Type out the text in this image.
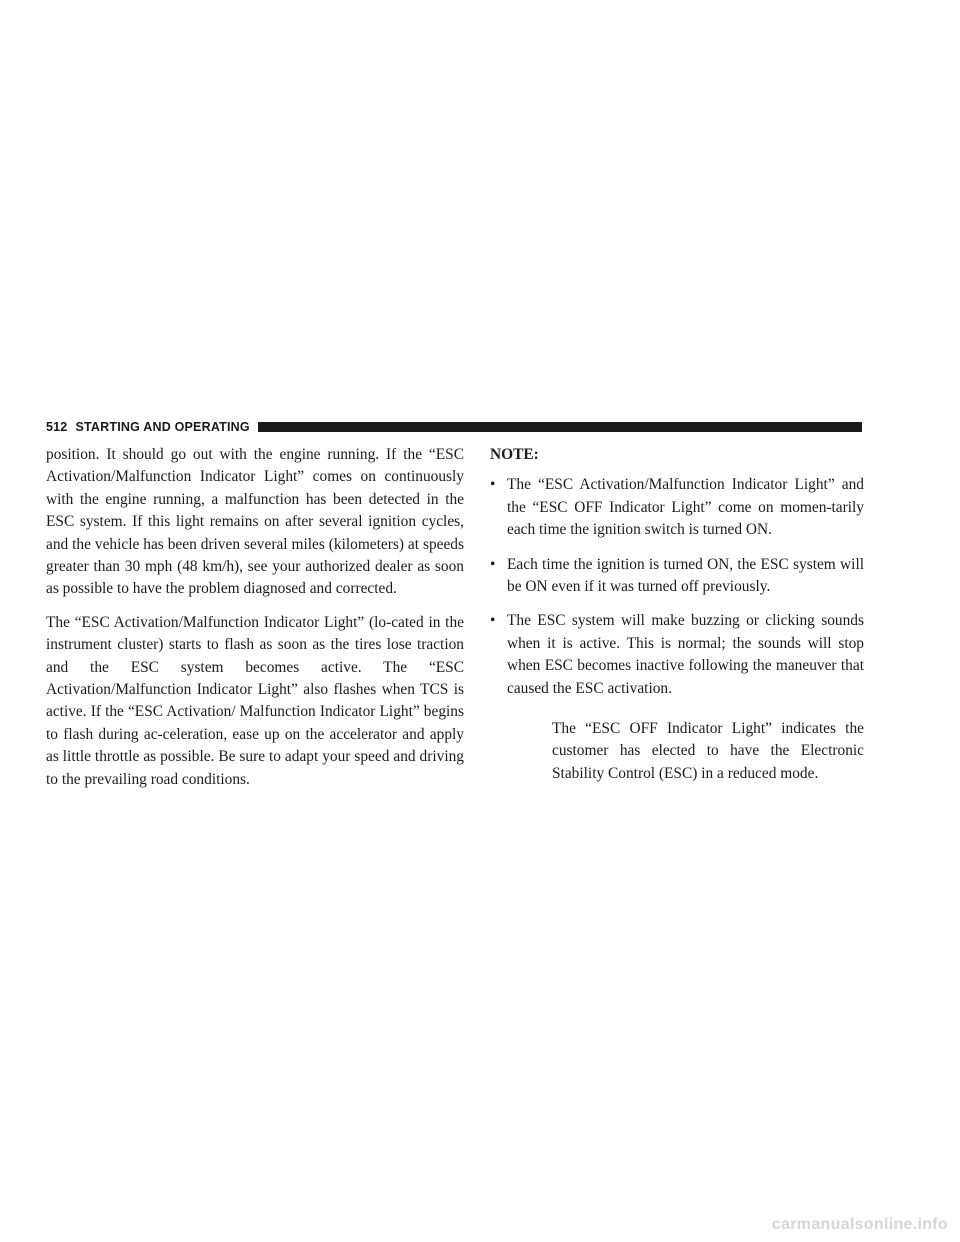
512 STARTING AND OPERATING

position. It should go out with the engine running. If the “ESC Activation/Malfunction Indicator Light” comes on continuously with the engine running, a malfunction has been detected in the ESC system. If this light remains on after several ignition cycles, and the vehicle has been driven several miles (kilometers) at speeds greater than 30 mph (48 km/h), see your authorized dealer as soon as possible to have the problem diagnosed and corrected.

The “ESC Activation/Malfunction Indicator Light” (lo-cated in the instrument cluster) starts to flash as soon as the tires lose traction and the ESC system becomes active. The “ESC Activation/Malfunction Indicator Light” also flashes when TCS is active. If the “ESC Activation/ Malfunction Indicator Light” begins to flash during ac-celeration, ease up on the accelerator and apply as little throttle as possible. Be sure to adapt your speed and driving to the prevailing road conditions.

NOTE:

• The “ESC Activation/Malfunction Indicator Light” and the “ESC OFF Indicator Light” come on momen-tarily each time the ignition switch is turned ON.
• Each time the ignition is turned ON, the ESC system will be ON even if it was turned off previously.
• The ESC system will make buzzing or clicking sounds when it is active. This is normal; the sounds will stop when ESC becomes inactive following the maneuver that caused the ESC activation.

The “ESC OFF Indicator Light” indicates the customer has elected to have the Electronic Stability Control (ESC) in a reduced mode.

carmanualsonline.info
